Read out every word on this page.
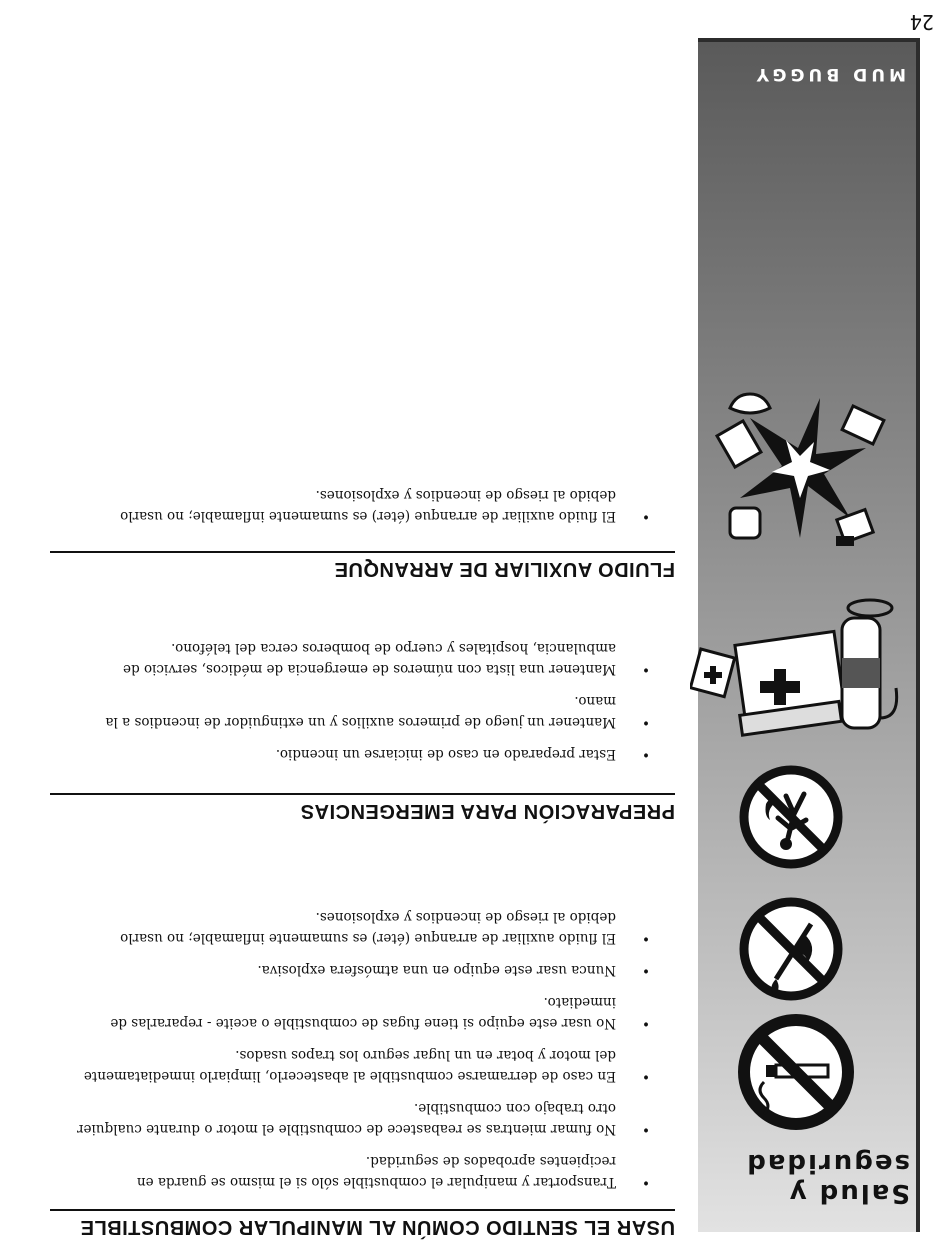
24
Salud y
seguridad
MUD BUGGY
USAR EL SENTIDO COMÚN AL MANIPULAR COMBUSTIBLE
• Transportar y manipular el combustible sólo si el mismo se guarda en recipientes aprobados de seguridad.
• No fumar mientras se reabastece de combustible el motor o durante cualquier otro trabajo con combustible.
• En caso de derramarse combustible al abastecerlo, limpiarlo inmediatamente del motor y botar en un lugar seguro los trapos usados.
• No usar este equipo si tiene fugas de combustible o aceite - repararlas de inmediato.
• Nunca usar este equipo en una atmósfera explosiva.
• El fluido auxiliar de arranque (éter) es sumamente inflamable; no usarlo debido al riesgo de incendios y explosiones.
PREPARACIÓN PARA EMERGENCIAS
• Estar preparado en caso de iniciarse un incendio.
• Mantener un juego de primeros auxilios y un extinguidor de incendios a la mano.
• Mantener una lista con números de emergencia de médicos, servicio de ambulancia, hospitales y cuerpo de bomberos cerca del teléfono.
FLUIDO AUXILIAR DE ARRANQUE
• El fluido auxiliar de arranque (éter) es sumamente inflamable; no usarlo debido al riesgo de incendios y explosiones.
